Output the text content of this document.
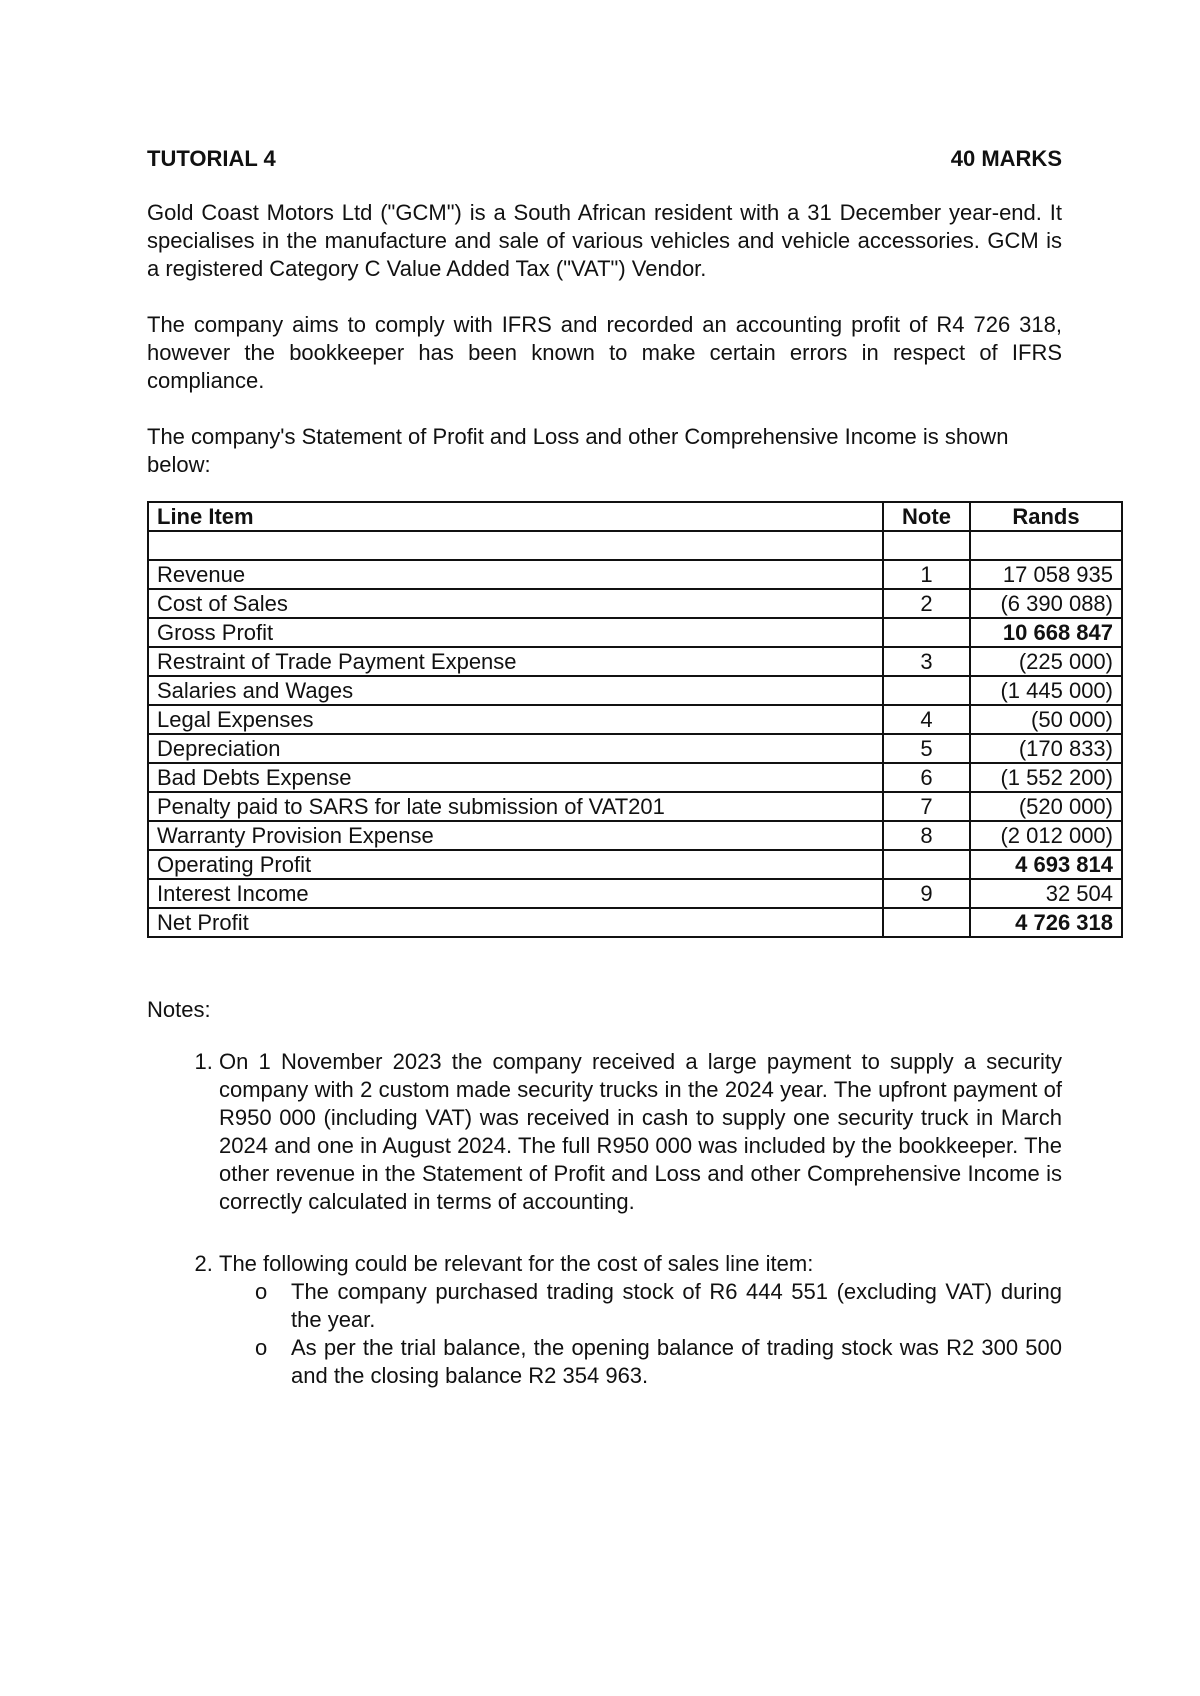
TUTORIAL 4	40 MARKS

Gold Coast Motors Ltd ("GCM") is a South African resident with a 31 December year-end. It specialises in the manufacture and sale of various vehicles and vehicle accessories. GCM is a registered Category C Value Added Tax ("VAT") Vendor.

The company aims to comply with IFRS and recorded an accounting profit of R4 726 318, however the bookkeeper has been known to make certain errors in respect of IFRS compliance.

The company's Statement of Profit and Loss and other Comprehensive Income is shown below:

Line Item	Note	Rands

Revenue	1	17 058 935
Cost of Sales	2	(6 390 088)
Gross Profit		10 668 847
Restraint of Trade Payment Expense	3	(225 000)
Salaries and Wages		(1 445 000)
Legal Expenses	4	(50 000)
Depreciation	5	(170 833)
Bad Debts Expense	6	(1 552 200)
Penalty paid to SARS for late submission of VAT201	7	(520 000)
Warranty Provision Expense	8	(2 012 000)
Operating Profit		4 693 814
Interest Income	9	32 504
Net Profit		4 726 318
Notes:
1. On 1 November 2023 the company received a large payment to supply a security company with 2 custom made security trucks in the 2024 year. The upfront payment of R950 000 (including VAT) was received in cash to supply one security truck in March 2024 and one in August 2024. The full R950 000 was included by the bookkeeper. The other revenue in the Statement of Profit and Loss and other Comprehensive Income is correctly calculated in terms of accounting.
2. The following could be relevant for the cost of sales line item:
o The company purchased trading stock of R6 444 551 (excluding VAT) during the year.
o As per the trial balance, the opening balance of trading stock was R2 300 500 and the closing balance R2 354 963.
